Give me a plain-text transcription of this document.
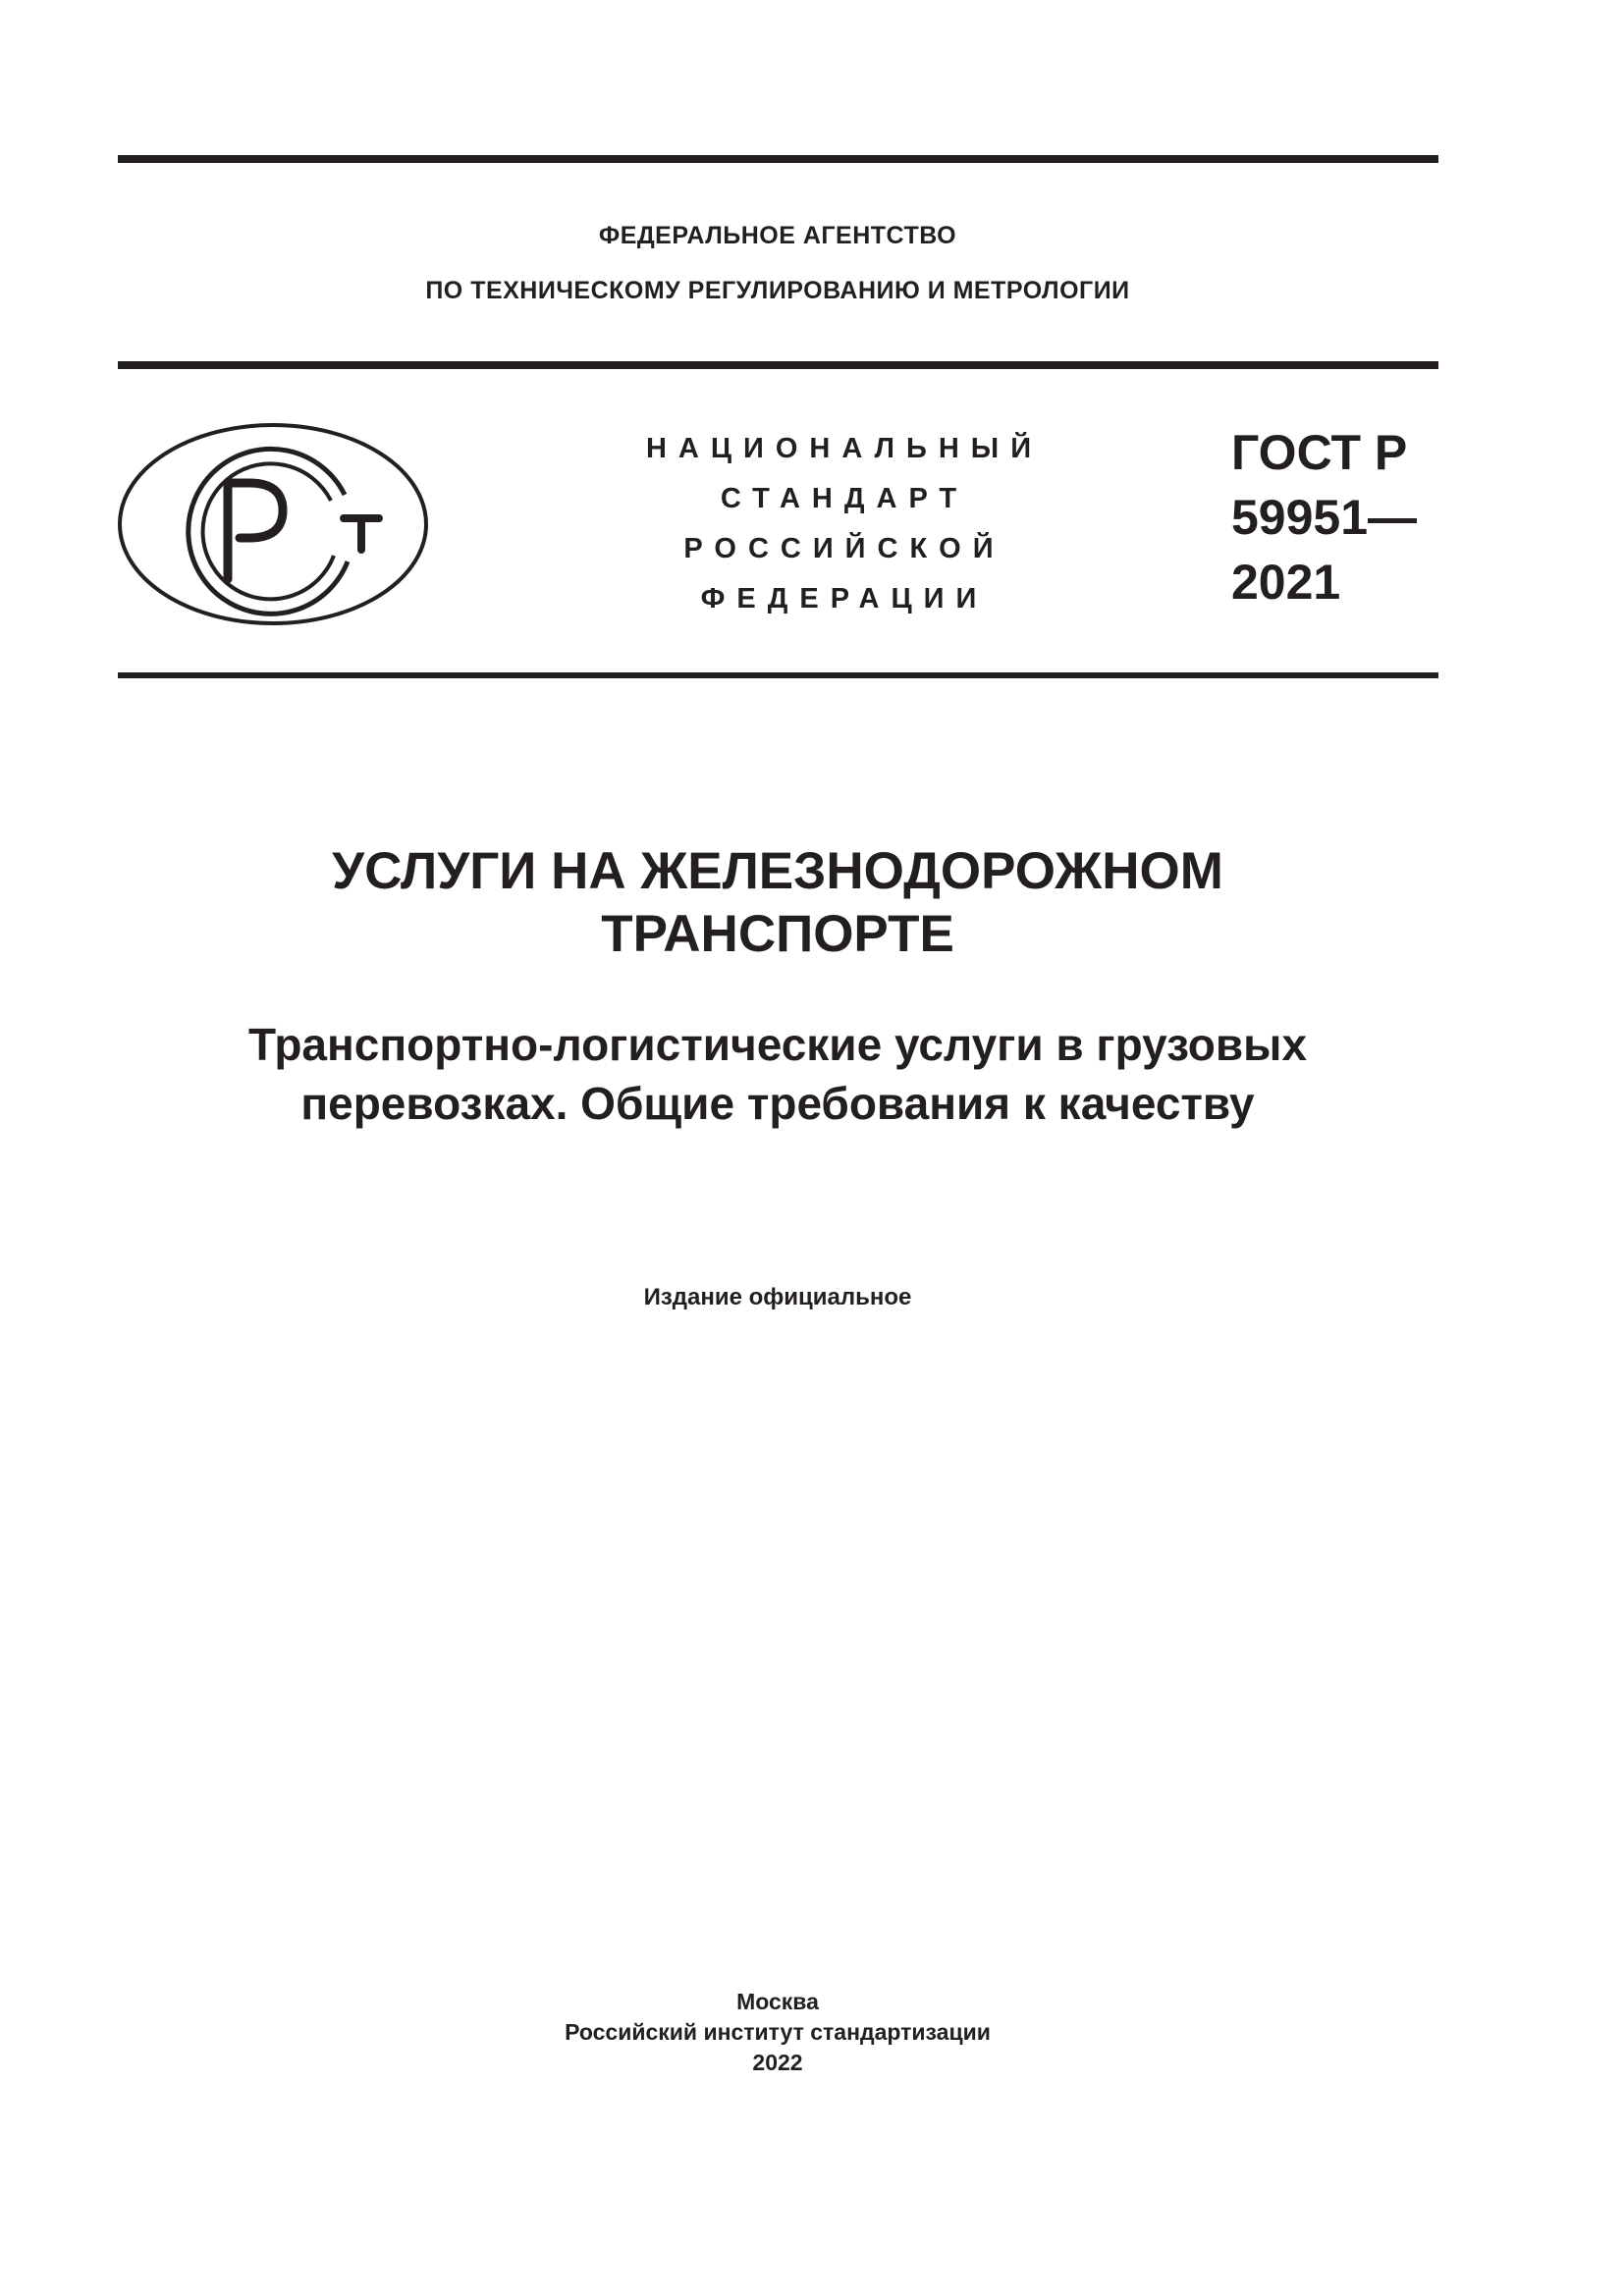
ФЕДЕРАЛЬНОЕ АГЕНТСТВО
ПО ТЕХНИЧЕСКОМУ РЕГУЛИРОВАНИЮ И МЕТРОЛОГИИ
НАЦИОНАЛЬНЫЙ
СТАНДАРТ
РОССИЙСКОЙ
ФЕДЕРАЦИИ
ГОСТ Р
59951—
2021
УСЛУГИ НА ЖЕЛЕЗНОДОРОЖНОМ
ТРАНСПОРТЕ
Транспортно-логистические услуги в грузовых
перевозках. Общие требования к качеству
Издание официальное
Москва
Российский институт стандартизации
2022
